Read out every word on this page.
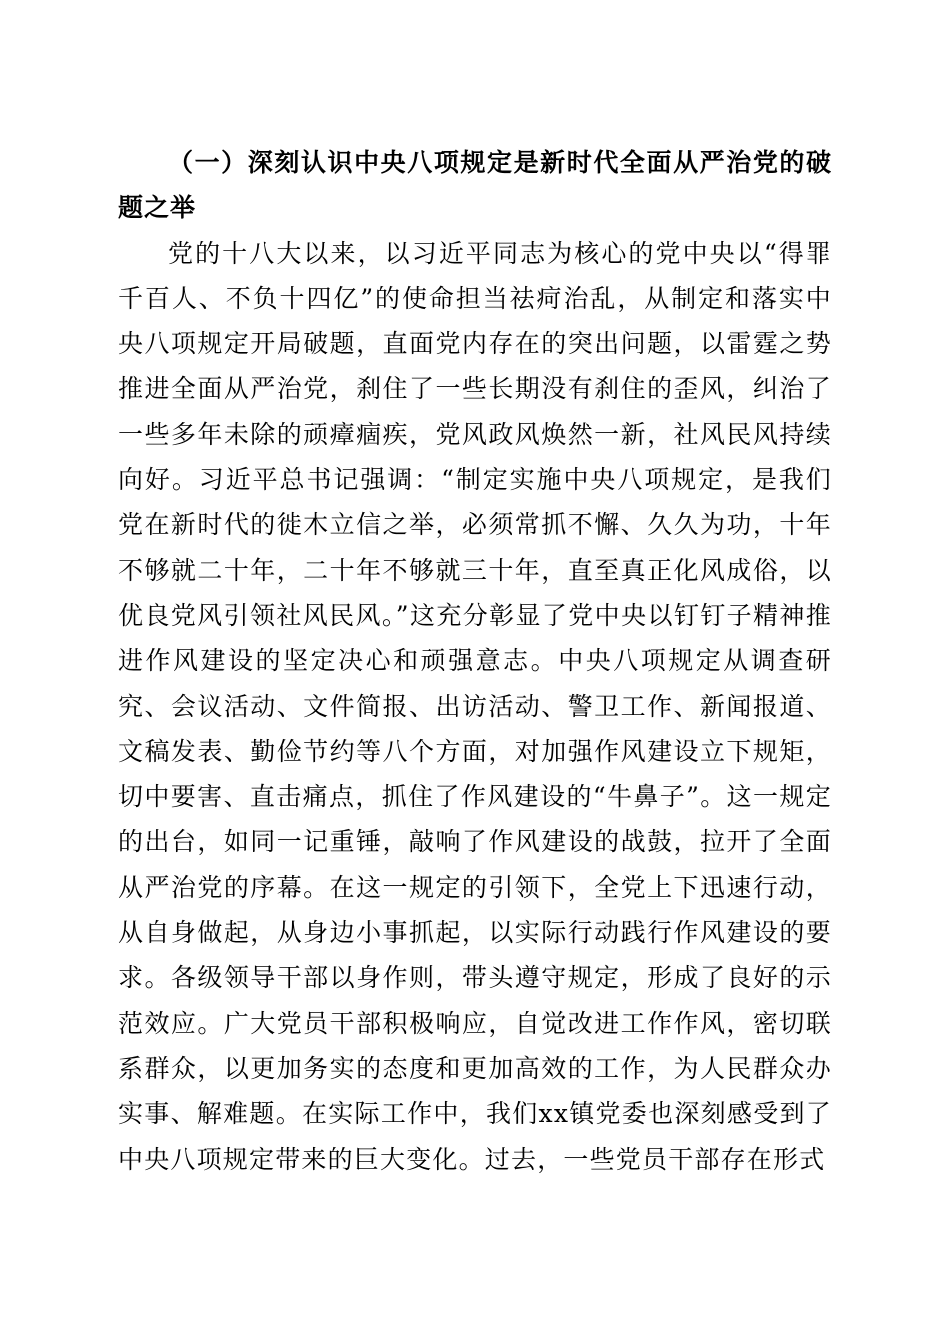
（一）深刻认识中央八项规定是新时代全面从严治党的破题之举

党的十八大以来，以习近平同志为核心的党中央以“得罪千百人、不负十四亿”的使命担当祛疴治乱，从制定和落实中央八项规定开局破题，直面党内存在的突出问题，以雷霆之势推进全面从严治党，刹住了一些长期没有刹住的歪风，纠治了一些多年未除的顽瘴痼疾，党风政风焕然一新，社风民风持续向好。习近平总书记强调：“制定实施中央八项规定，是我们党在新时代的徙木立信之举，必须常抓不懈、久久为功，十年不够就二十年，二十年不够就三十年，直至真正化风成俗，以优良党风引领社风民风。”这充分彰显了党中央以钉钉子精神推进作风建设的坚定决心和顽强意志。中央八项规定从调查研究、会议活动、文件简报、出访活动、警卫工作、新闻报道、文稿发表、勤俭节约等八个方面，对加强作风建设立下规矩，切中要害、直击痛点，抓住了作风建设的“牛鼻子”。这一规定的出台，如同一记重锤，敲响了作风建设的战鼓，拉开了全面从严治党的序幕。在这一规定的引领下，全党上下迅速行动，从自身做起，从身边小事抓起，以实际行动践行作风建设的要求。各级领导干部以身作则，带头遵守规定，形成了良好的示范效应。广大党员干部积极响应，自觉改进工作作风，密切联系群众，以更加务实的态度和更加高效的工作，为人民群众办实事、解难题。在实际工作中，我们xx镇党委也深刻感受到了中央八项规定带来的巨大变化。过去，一些党员干部存在形式
